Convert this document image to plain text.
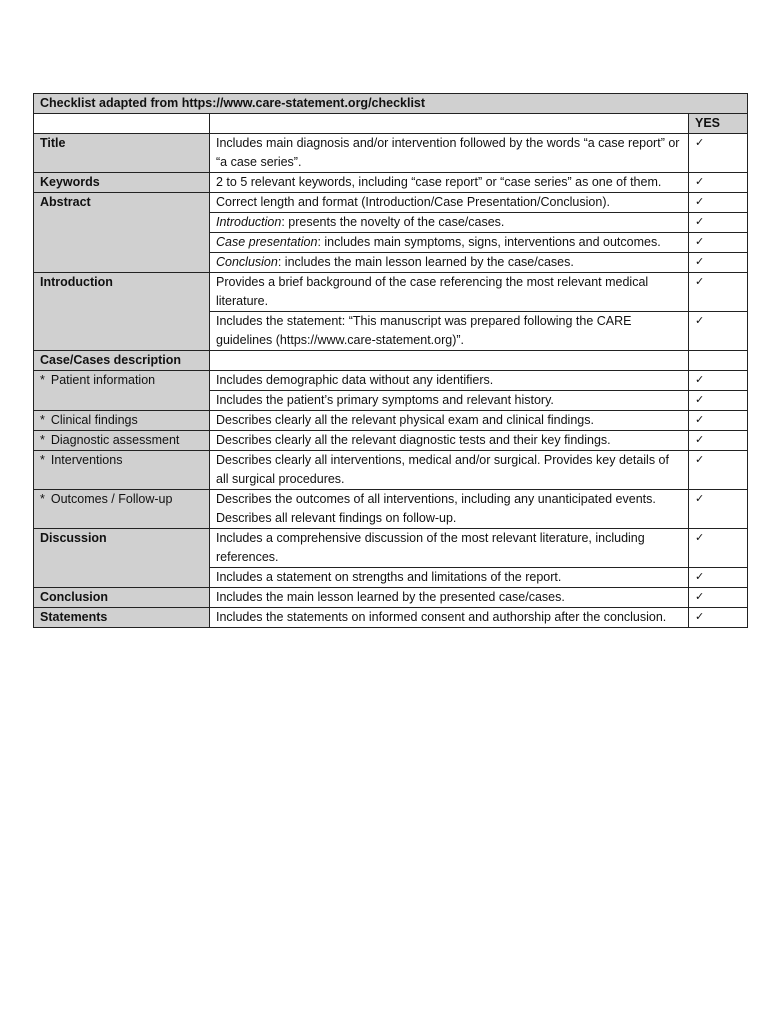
Checklist adapted from https://www.care-statement.org/checklist		
		YES
Title	Includes main diagnosis and/or intervention followed by the words “a case report” or “a case series”.	✓
Keywords	2 to 5 relevant keywords, including “case report” or “case series” as one of them.	✓
Abstract	Correct length and format (Introduction/Case Presentation/Conclusion).	✓
	Introduction: presents the novelty of the case/cases.	✓
	Case presentation: includes main symptoms, signs, interventions and outcomes.	✓
	Conclusion: includes the main lesson learned by the case/cases.	✓
Introduction	Provides a brief background of the case referencing the most relevant medical literature.	✓
	Includes the statement: “This manuscript was prepared following the CARE guidelines (https://www.care-statement.org)”.	✓
Case/Cases description		
* Patient information	Includes demographic data without any identifiers.	✓
	Includes the patient’s primary symptoms and relevant history.	✓
* Clinical findings	Describes clearly all the relevant physical exam and clinical findings.	✓
* Diagnostic assessment	Describes clearly all the relevant diagnostic tests and their key findings.	✓
* Interventions	Describes clearly all interventions, medical and/or surgical. Provides key details of all surgical procedures.	✓
* Outcomes / Follow-up	Describes the outcomes of all interventions, including any unanticipated events. Describes all relevant findings on follow-up.	✓
Discussion	Includes a comprehensive discussion of the most relevant literature, including references.	✓
	Includes a statement on strengths and limitations of the report.	✓
Conclusion	Includes the main lesson learned by the presented case/cases.	✓
Statements	Includes the statements on informed consent and authorship after the conclusion.	✓
